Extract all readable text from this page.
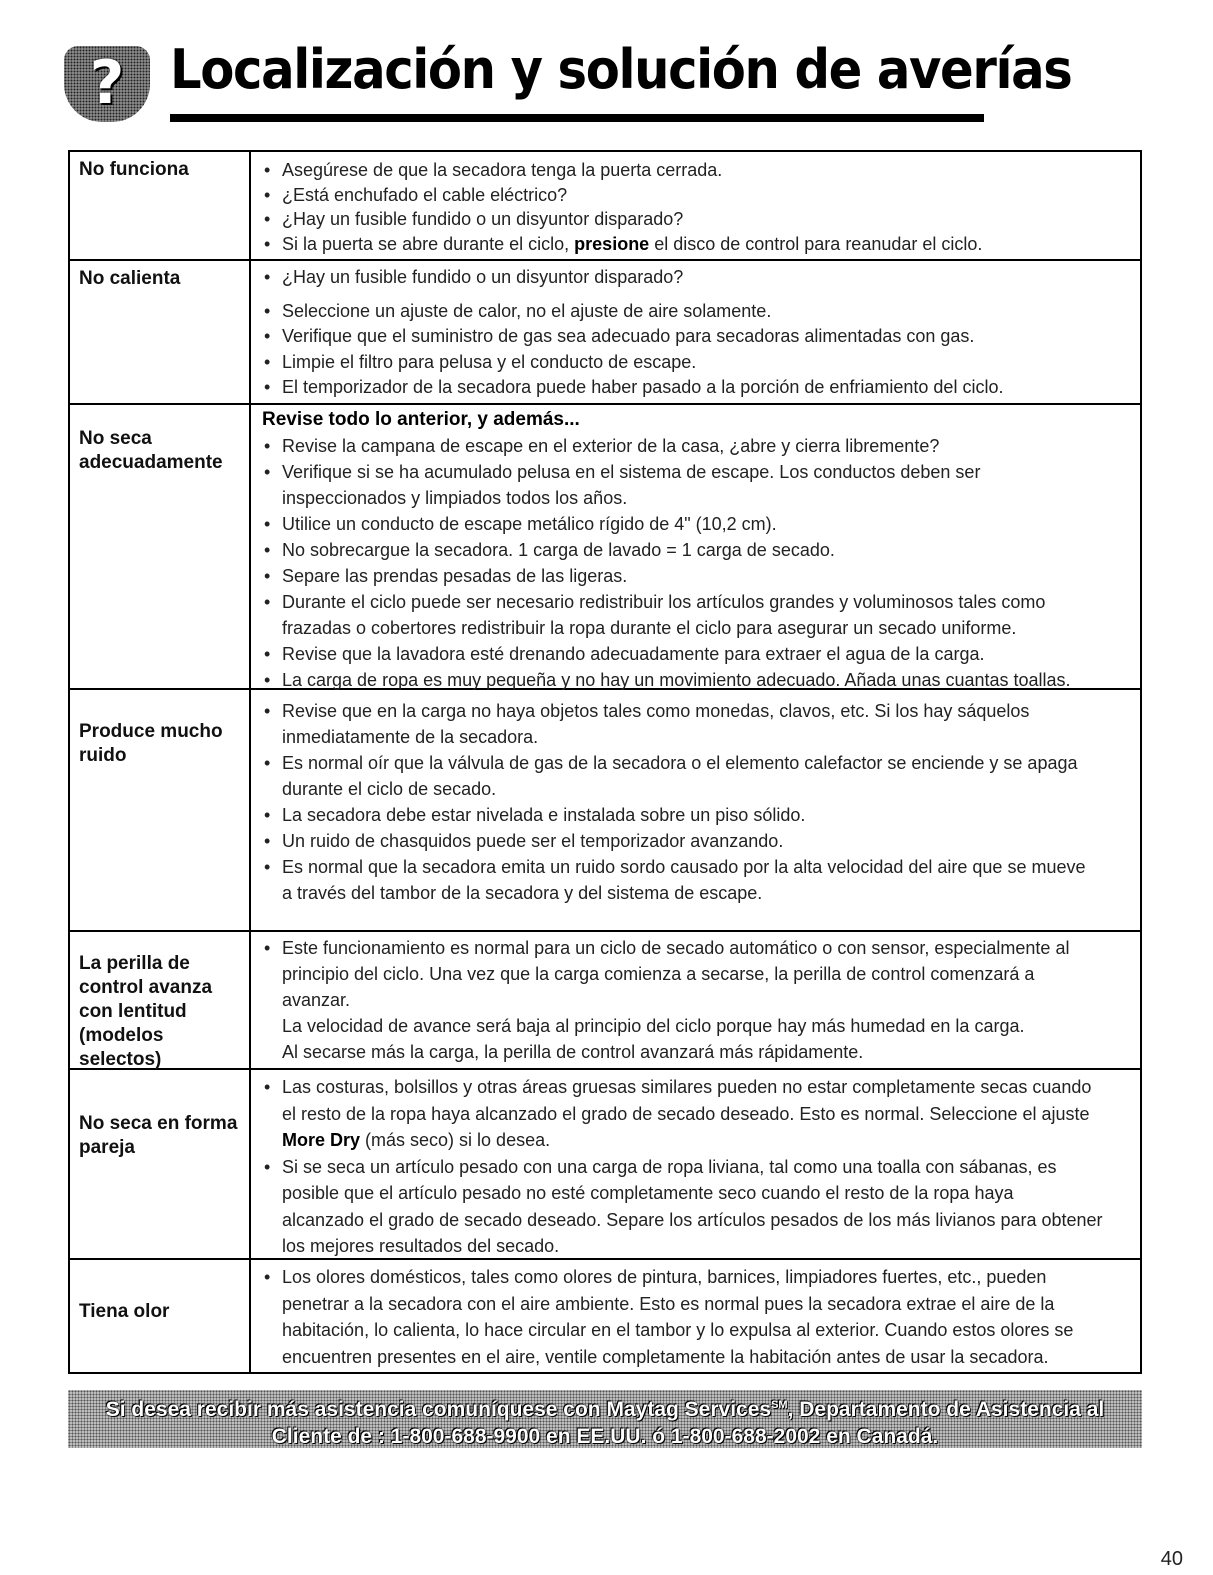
? Localización y solución de averías
No funciona	• Asegúrese de que la secadora tenga la puerta cerrada.
• ¿Está enchufado el cable eléctrico?
• ¿Hay un fusible fundido o un disyuntor disparado?
• Si la puerta se abre durante el ciclo, presione el disco de control para reanudar el ciclo.
No calienta	• ¿Hay un fusible fundido o un disyuntor disparado?
• Seleccione un ajuste de calor, no el ajuste de aire solamente.
• Verifique que el suministro de gas sea adecuado para secadoras alimentadas con gas.
• Limpie el filtro para pelusa y el conducto de escape.
• El temporizador de la secadora puede haber pasado a la porción de enfriamiento del ciclo.
No seca adecuadamente
Revise todo lo anterior, y además...
• Revise la campana de escape en el exterior de la casa, ¿abre y cierra libremente?
• Verifique si se ha acumulado pelusa en el sistema de escape. Los conductos deben ser
inspeccionados y limpiados todos los años.
• Utilice un conducto de escape metálico rígido de 4" (10,2 cm).
• No sobrecargue la secadora. 1 carga de lavado = 1 carga de secado.
• Separe las prendas pesadas de las ligeras.
• Durante el ciclo puede ser necesario redistribuir los artículos grandes y voluminosos tales como
frazadas o cobertores redistribuir la ropa durante el ciclo para asegurar un secado uniforme.
• Revise que la lavadora esté drenando adecuadamente para extraer el agua de la carga.
• La carga de ropa es muy pequeña y no hay un movimiento adecuado. Añada unas cuantas toallas.
Produce mucho ruido
• Revise que en la carga no haya objetos tales como monedas, clavos, etc. Si los hay sáquelos
inmediatamente de la secadora.
• Es normal oír que la válvula de gas de la secadora o el elemento calefactor se enciende y se apaga
durante el ciclo de secado.
• La secadora debe estar nivelada e instalada sobre un piso sólido.
• Un ruido de chasquidos puede ser el temporizador avanzando.
• Es normal que la secadora emita un ruido sordo causado por la alta velocidad del aire que se mueve
a través del tambor de la secadora y del sistema de escape.
La perilla de control avanza con lentitud (modelos selectos)
• Este funcionamiento es normal para un ciclo de secado automático o con sensor, especialmente al
principio del ciclo. Una vez que la carga comienza a secarse, la perilla de control comenzará a
avanzar.
La velocidad de avance será baja al principio del ciclo porque hay más humedad en la carga.
Al secarse más la carga, la perilla de control avanzará más rápidamente.
No seca en forma pareja
• Las costuras, bolsillos y otras áreas gruesas similares pueden no estar completamente secas cuando
el resto de la ropa haya alcanzado el grado de secado deseado. Esto es normal. Seleccione el ajuste
More Dry (más seco) si lo desea.
• Si se seca un artículo pesado con una carga de ropa liviana, tal como una toalla con sábanas, es
posible que el artículo pesado no esté completamente seco cuando el resto de la ropa haya
alcanzado el grado de secado deseado. Separe los artículos pesados de los más livianos para obtener
los mejores resultados del secado.
Tiena olor
• Los olores domésticos, tales como olores de pintura, barnices, limpiadores fuertes, etc., pueden
penetrar a la secadora con el aire ambiente. Esto es normal pues la secadora extrae el aire de la
habitación, lo calienta, lo hace circular en el tambor y lo expulsa al exterior. Cuando estos olores se
encuentren presentes en el aire, ventile completamente la habitación antes de usar la secadora.
Si desea recibir más asistencia comuníquese con Maytag Services℠, Departamento de Asistencia al
Cliente de : 1-800-688-9900 en EE.UU. ó 1-800-688-2002 en Canadá.
40
